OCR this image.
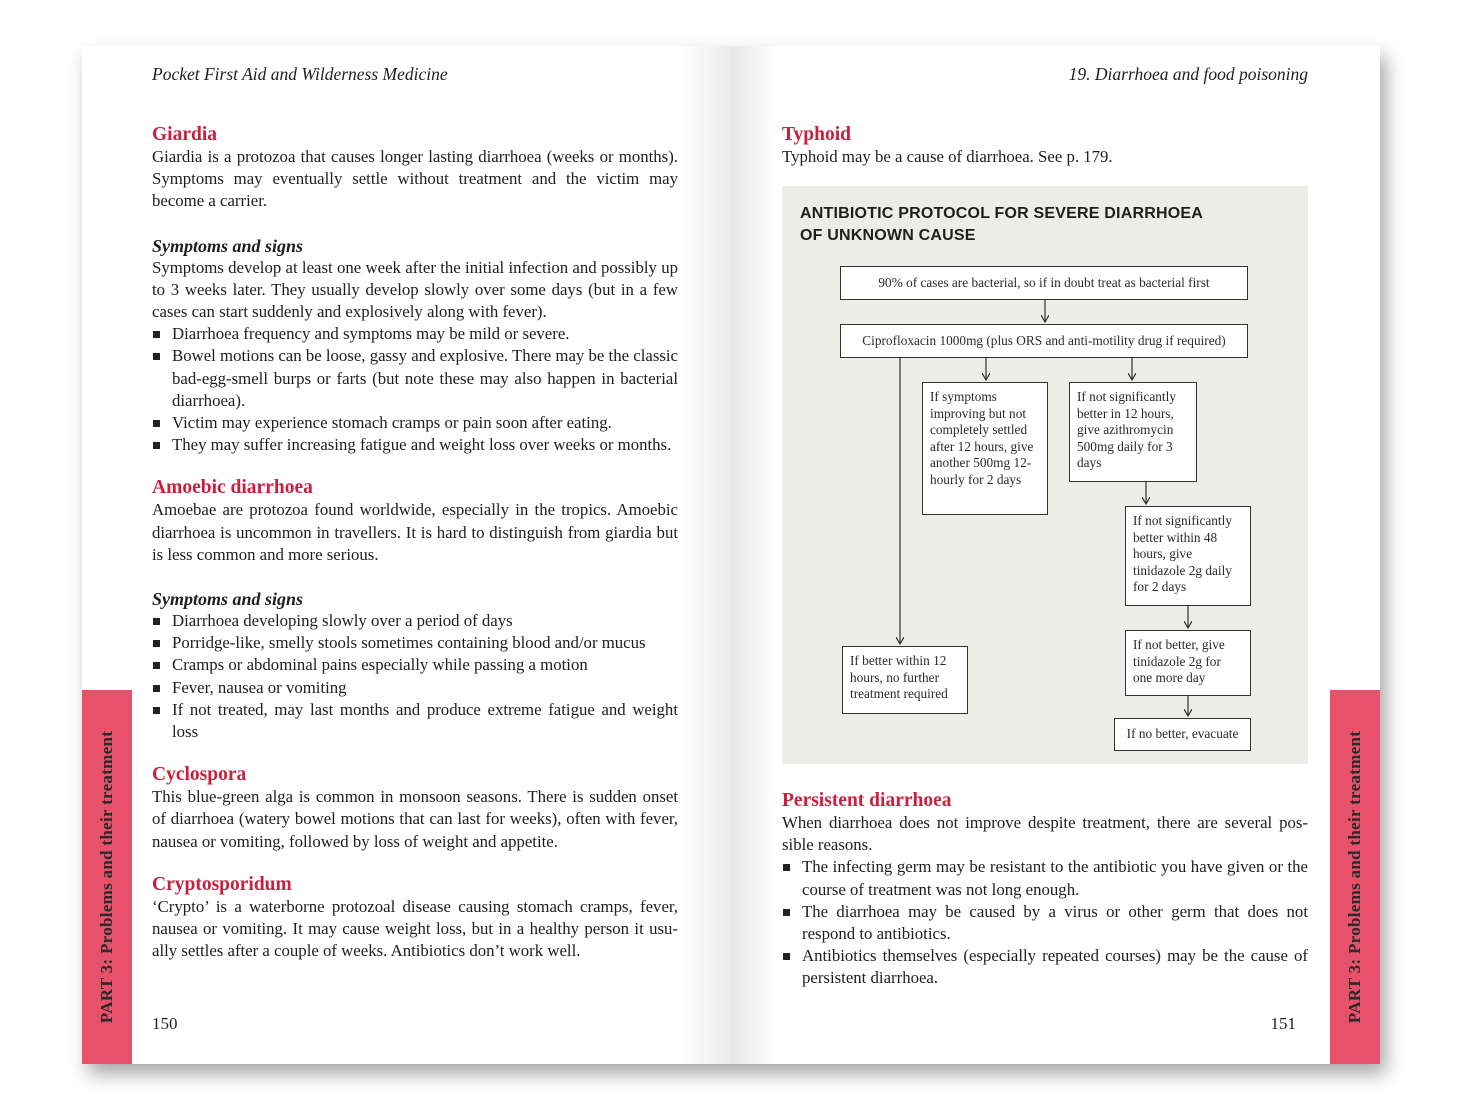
Pocket First Aid and Wilderness Medicine
Giardia

Giardia is a protozoa that causes longer lasting diarrhoea (weeks or months). Symptoms may eventually settle without treatment and the victim may become a carrier.

Symptoms and signs

Symptoms develop at least one week after the initial infection and possibly up to 3 weeks later. They usually develop slowly over some days (but in a few cases can start suddenly and explosively along with fever).

Diarrhoea frequency and symptoms may be mild or severe.
Bowel motions can be loose, gassy and explosive. There may be the classic bad-egg-smell burps or farts (but note these may also happen in bacterial diarrhoea).
Victim may experience stomach cramps or pain soon after eating.
They may suffer increasing fatigue and weight loss over weeks or months.
Amoebic diarrhoea

Amoebae are protozoa found worldwide, especially in the tropics. Amoebic diarrhoea is uncommon in travellers. It is hard to distinguish from giardia but is less common and more serious.

Symptoms and signs
Diarrhoea developing slowly over a period of days
Porridge-like, smelly stools sometimes containing blood and/or mucus
Cramps or abdominal pains especially while passing a motion
Fever, nausea or vomiting
If not treated, may last months and produce extreme fatigue and weight loss
Cyclospora

This blue-green alga is common in monsoon seasons. There is sudden onset of diarrhoea (watery bowel motions that can last for weeks), often with fever, nausea or vomiting, followed by loss of weight and appetite.

Cryptosporidum

‘Crypto’ is a waterborne protozoal disease causing stomach cramps, fever, nausea or vomiting. It may cause weight loss, but in a healthy person it usu-ally settles after a couple of weeks. Antibiotics don’t work well.

150
PART 3: Problems and their treatment
19. Diarrhoea and food poisoning
Typhoid

Typhoid may be a cause of diarrhoea. See p. 179.

ANTIBIOTIC PROTOCOL FOR SEVERE DIARRHOEA
OF UNKNOWN CAUSE
90% of cases are bacterial, so if in doubt treat as bacterial first
Ciprofloxacin 1000mg (plus ORS and anti-motility drug if required)
If symptoms improving but not completely settled after 12 hours, give another 500mg 12-hourly for 2 days
If not significantly better in 12 hours, give azithromycin 500mg daily for 3 days
If not significantly better within 48 hours, give tinidazole 2g daily for 2 days
If not better, give tinidazole 2g for one more day
If better within 12 hours, no further treatment required
If no better, evacuate
Persistent diarrhoea

When diarrhoea does not improve despite treatment, there are several pos-sible reasons.

The infecting germ may be resistant to the antibiotic you have given or the course of treatment was not long enough.
The diarrhoea may be caused by a virus or other germ that does not respond to antibiotics.
Antibiotics themselves (especially repeated courses) may be the cause of persistent diarrhoea.
151
PART 3: Problems and their treatment
